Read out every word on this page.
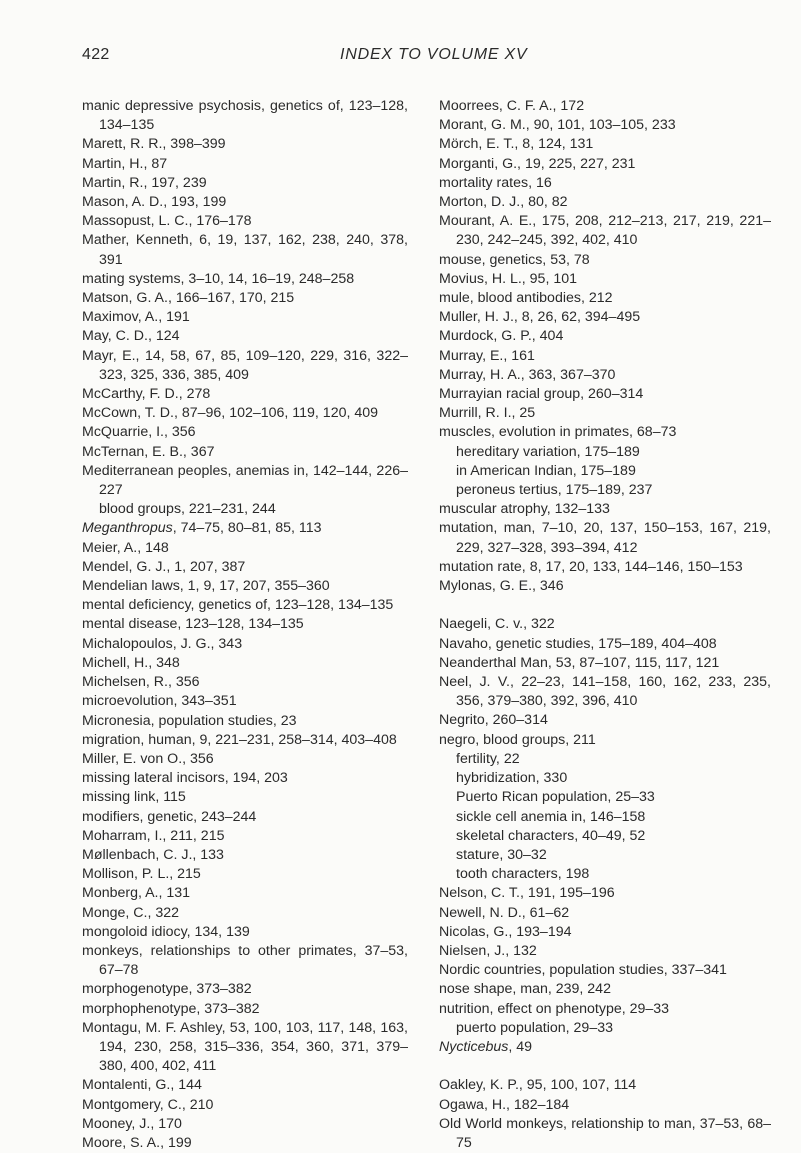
422	INDEX TO VOLUME XV
manic depressive psychosis, genetics of, 123–128, 134–135
Marett, R. R., 398–399
Martin, H., 87
Martin, R., 197, 239
Mason, A. D., 193, 199
Massopust, L. C., 176–178
Mather, Kenneth, 6, 19, 137, 162, 238, 240, 378, 391
mating systems, 3–10, 14, 16–19, 248–258
Matson, G. A., 166–167, 170, 215
Maximov, A., 191
May, C. D., 124
Mayr, E., 14, 58, 67, 85, 109–120, 229, 316, 322–323, 325, 336, 385, 409
McCarthy, F. D., 278
McCown, T. D., 87–96, 102–106, 119, 120, 409
McQuarrie, I., 356
McTernan, E. B., 367
Mediterranean peoples, anemias in, 142–144, 226–227
blood groups, 221–231, 244
Meganthropus, 74–75, 80–81, 85, 113
Meier, A., 148
Mendel, G. J., 1, 207, 387
Mendelian laws, 1, 9, 17, 207, 355–360
mental deficiency, genetics of, 123–128, 134–135
mental disease, 123–128, 134–135
Michalopoulos, J. G., 343
Michell, H., 348
Michelsen, R., 356
microevolution, 343–351
Micronesia, population studies, 23
migration, human, 9, 221–231, 258–314, 403–408
Miller, E. von O., 356
missing lateral incisors, 194, 203
missing link, 115
modifiers, genetic, 243–244
Moharram, I., 211, 215
Møllenbach, C. J., 133
Mollison, P. L., 215
Monberg, A., 131
Monge, C., 322
mongoloid idiocy, 134, 139
monkeys, relationships to other primates, 37–53, 67–78
morphogenotype, 373–382
morphophenotype, 373–382
Montagu, M. F. Ashley, 53, 100, 103, 117, 148, 163, 194, 230, 258, 315–336, 354, 360, 371, 379–380, 400, 402, 411
Montalenti, G., 144
Montgomery, C., 210
Mooney, J., 170
Moore, S. A., 199
Moorrees, C. F. A., 172
Morant, G. M., 90, 101, 103–105, 233
Mörch, E. T., 8, 124, 131
Morganti, G., 19, 225, 227, 231
mortality rates, 16
Morton, D. J., 80, 82
Mourant, A. E., 175, 208, 212–213, 217, 219, 221–230, 242–245, 392, 402, 410
mouse, genetics, 53, 78
Movius, H. L., 95, 101
mule, blood antibodies, 212
Muller, H. J., 8, 26, 62, 394–495
Murdock, G. P., 404
Murray, E., 161
Murray, H. A., 363, 367–370
Murrayian racial group, 260–314
Murrill, R. I., 25
muscles, evolution in primates, 68–73
hereditary variation, 175–189
in American Indian, 175–189
peroneus tertius, 175–189, 237
muscular atrophy, 132–133
mutation, man, 7–10, 20, 137, 150–153, 167, 219, 229, 327–328, 393–394, 412
mutation rate, 8, 17, 20, 133, 144–146, 150–153
Mylonas, G. E., 346
Naegeli, C. v., 322
Navaho, genetic studies, 175–189, 404–408
Neanderthal Man, 53, 87–107, 115, 117, 121
Neel, J. V., 22–23, 141–158, 160, 162, 233, 235, 356, 379–380, 392, 396, 410
Negrito, 260–314
negro, blood groups, 211
fertility, 22
hybridization, 330
Puerto Rican population, 25–33
sickle cell anemia in, 146–158
skeletal characters, 40–49, 52
stature, 30–32
tooth characters, 198
Nelson, C. T., 191, 195–196
Newell, N. D., 61–62
Nicolas, G., 193–194
Nielsen, J., 132
Nordic countries, population studies, 337–341
nose shape, man, 239, 242
nutrition, effect on phenotype, 29–33
puerto population, 29–33
Nycticebus, 49
Oakley, K. P., 95, 100, 107, 114
Ogawa, H., 182–184
Old World monkeys, relationship to man, 37–53, 68–75
